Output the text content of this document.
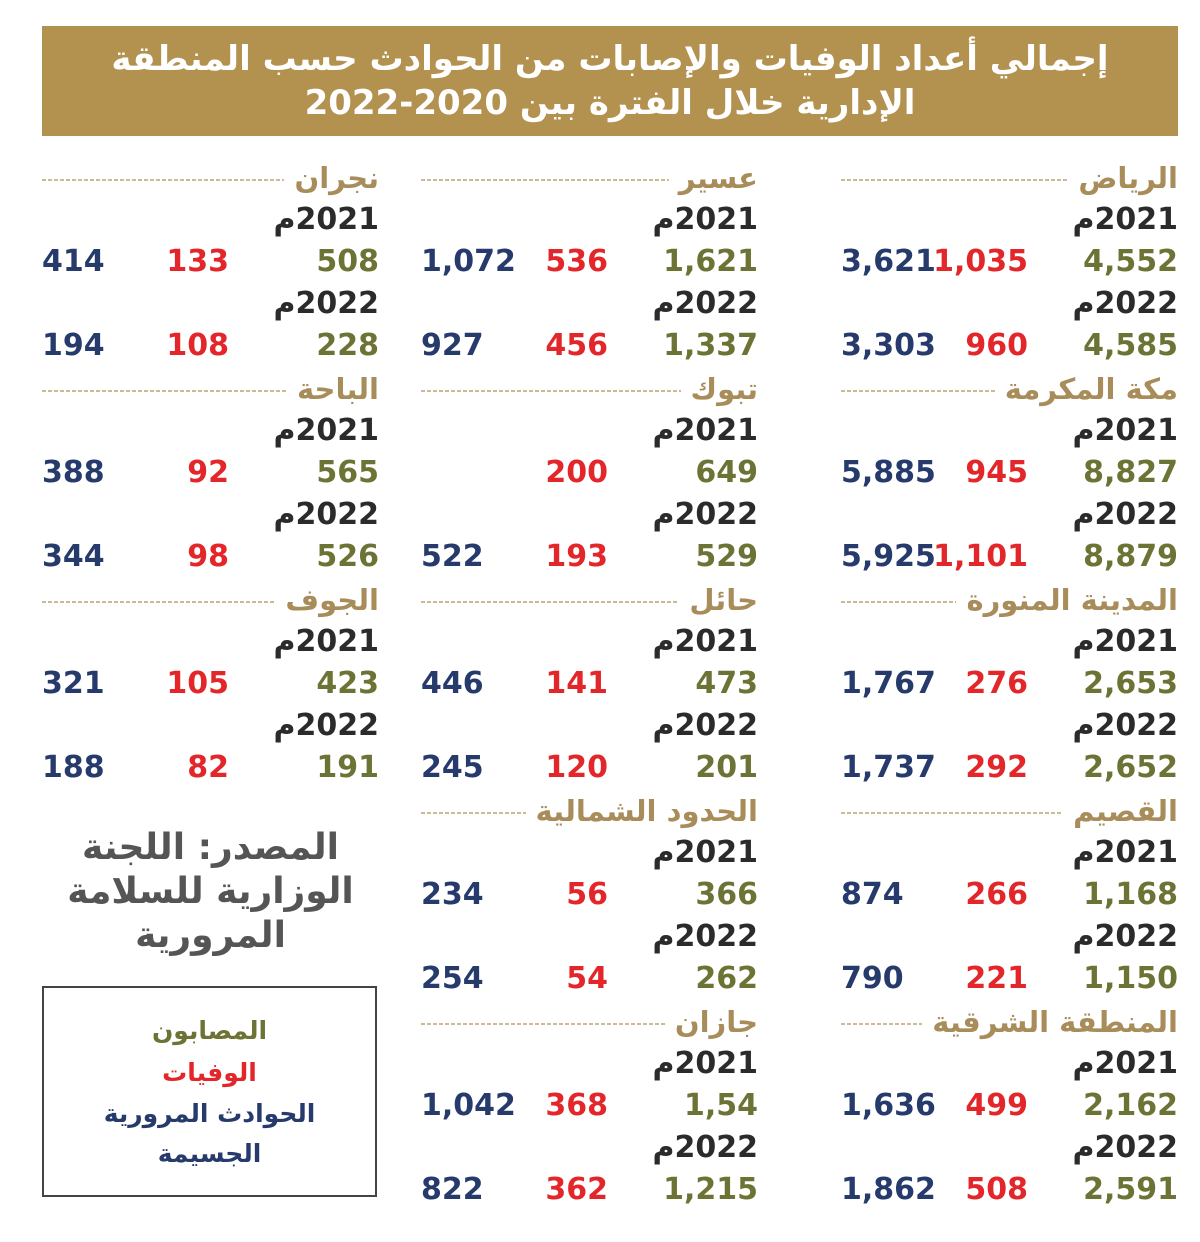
إجمالي أعداد الوفيات والإصابات من الحوادث حسب المنطقة
الإدارية خلال الفترة بين 2020-2022
الرياض
2021م
4,552
1,035
3,621
2022م
4,585
960
3,303
مكة المكرمة
2021م
8,827
945
5,885
2022م
8,879
1,101
5,925
المدينة المنورة
2021م
2,653
276
1,767
2022م
2,652
292
1,737
القصيم
2021م
1,168
266
874
2022م
1,150
221
790
المنطقة الشرقية
2021م
2,162
499
1,636
2022م
2,591
508
1,862
عسير
2021م
1,621
536
1,072
2022م
1,337
456
927
تبوك
2021م
649
200
2022م
529
193
522
حائل
2021م
473
141
446
2022م
201
120
245
الحدود الشمالية
2021م
366
56
234
2022م
262
54
254
جازان
2021م
1,54
368
1,042
2022م
1,215
362
822
نجران
2021م
508
133
414
2022م
228
108
194
الباحة
2021م
565
92
388
2022م
526
98
344
الجوف
2021م
423
105
321
2022م
191
82
188
المصدر: اللجنة
الوزارية للسلامة
المرورية
المصابون
الوفيات
الحوادث المرورية
الجسيمة
